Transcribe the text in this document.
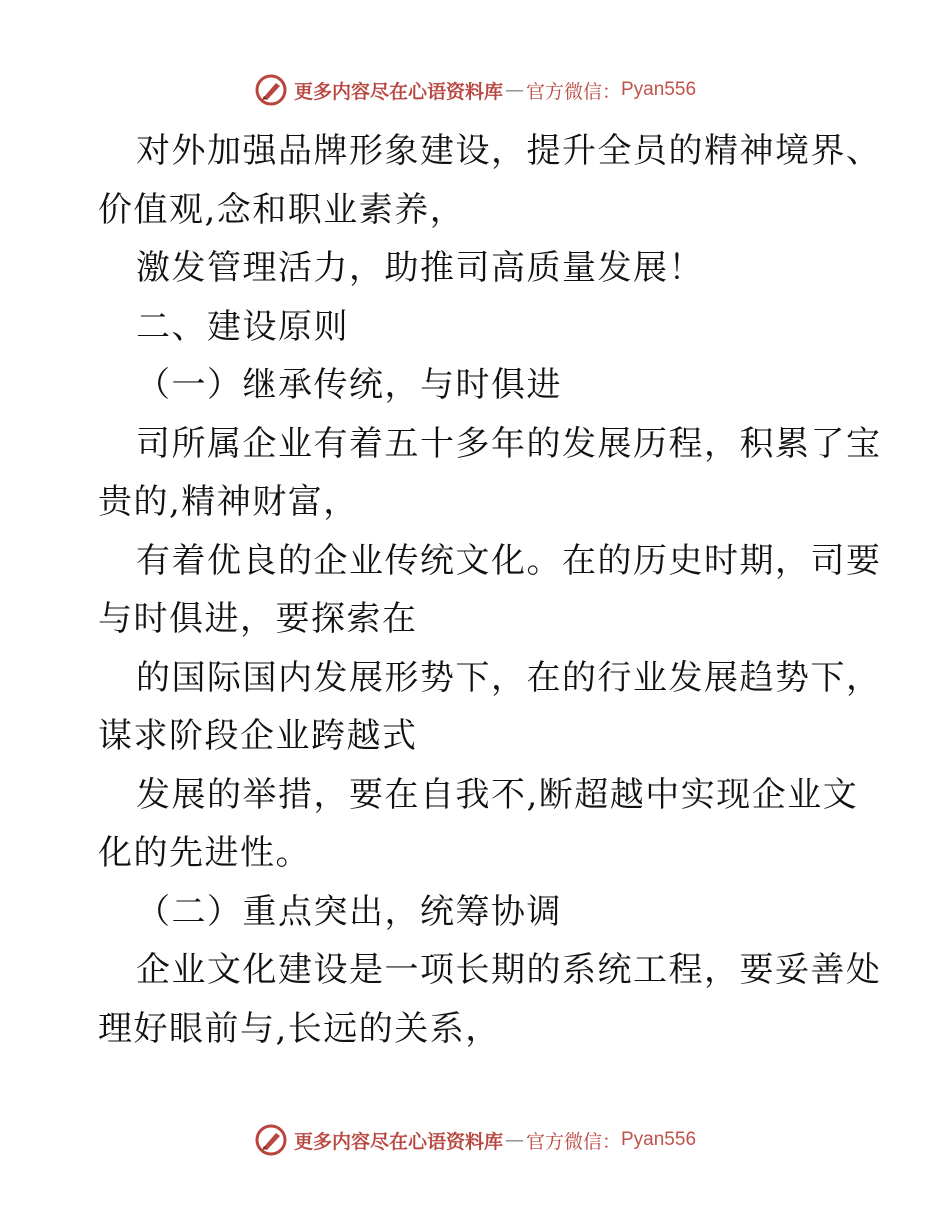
更多内容尽在心语资料库 — 官方微信： Pyan556
对外加强品牌形象建设，提升全员的精神境界、
价值观,念和职业素养，
激发管理活力，助推司高质量发展！
二、建设原则
（一）继承传统，与时俱进
司所属企业有着五十多年的发展历程，积累了宝
贵的,精神财富，
有着优良的企业传统文化。在的历史时期，司要
与时俱进，要探索在
的国际国内发展形势下，在的行业发展趋势下，
谋求阶段企业跨越式
发展的举措，要在自我不,断超越中实现企业文
化的先进性。
（二）重点突出，统筹协调
企业文化建设是一项长期的系统工程，要妥善处
理好眼前与,长远的关系，
更多内容尽在心语资料库 — 官方微信： Pyan556
